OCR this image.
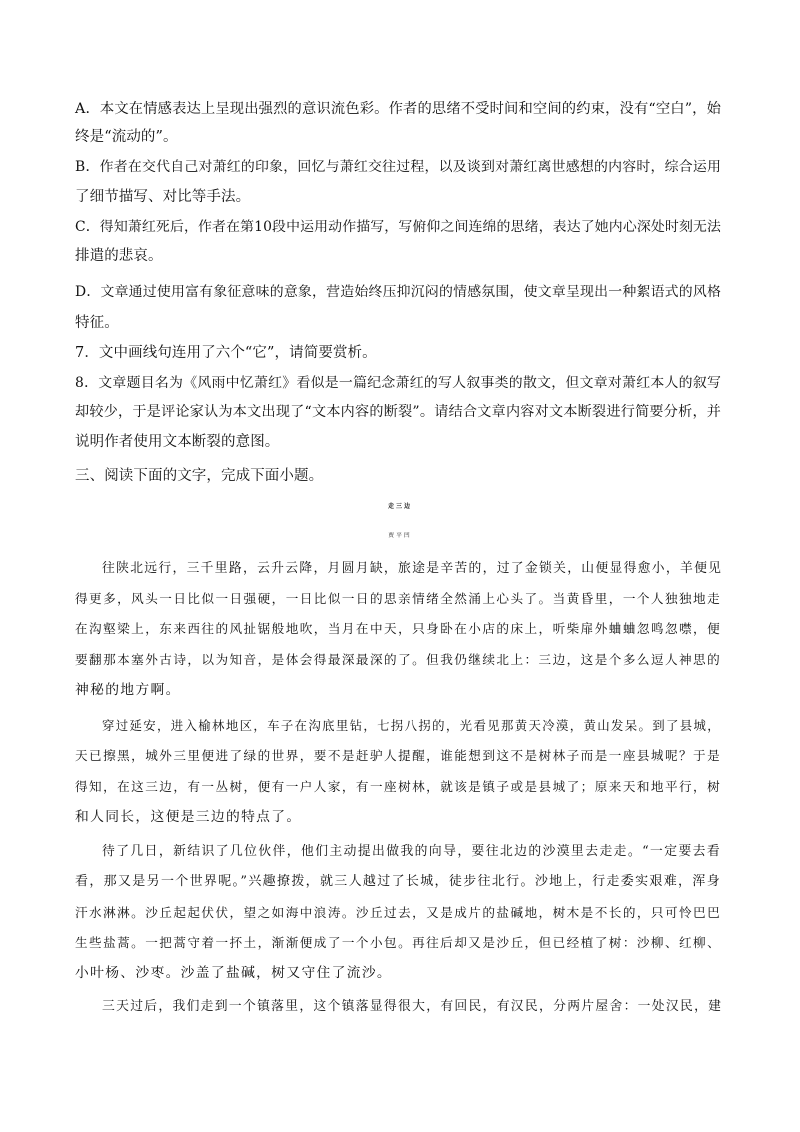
A．本文在情感表达上呈现出强烈的意识流色彩。作者的思绪不受时间和空间的约束，没有“空白”，始
终是“流动的”。
B．作者在交代自己对萧红的印象，回忆与萧红交往过程，以及谈到对萧红离世感想的内容时，综合运用
了细节描写、对比等手法。
C．得知萧红死后，作者在第10段中运用动作描写，写俯仰之间连绵的思绪，表达了她内心深处时刻无法
排遣的悲哀。
D．文章通过使用富有象征意味的意象，营造始终压抑沉闷的情感氛围，使文章呈现出一种絮语式的风格
特征。
7．文中画线句连用了六个“它”，请简要赏析。
8．文章题目名为《风雨中忆萧红》看似是一篇纪念萧红的写人叙事类的散文，但文章对萧红本人的叙写
却较少，于是评论家认为本文出现了“文本内容的断裂”。请结合文章内容对文本断裂进行简要分析，并
说明作者使用文本断裂的意图。
三、阅读下面的文字，完成下面小题。
走三边
贾平凹
往陕北远行，三千里路，云升云降，月圆月缺，旅途是辛苦的，过了金锁关，山便显得愈小，羊便见
得更多，风头一日比似一日强硬，一日比似一日的思亲情绪全然涌上心头了。当黄昏里，一个人独独地走
在沟壑梁上，东来西往的风扯锯般地吹，当月在中天，只身卧在小店的床上，听柴扉外蛐蛐忽鸣忽噤，便
要翻那本塞外古诗，以为知音，是体会得最深最深的了。但我仍继续北上：三边，这是个多么逗人神思的
神秘的地方啊。
穿过延安，进入榆林地区，车子在沟底里钻，七拐八拐的，光看见那黄天冷漠，黄山发呆。到了县城，
天已擦黑，城外三里便进了绿的世界，要不是赶驴人提醒，谁能想到这不是树林子而是一座县城呢？于是
得知，在这三边，有一丛树，便有一户人家，有一座树林，就该是镇子或是县城了；原来天和地平行，树
和人同长，这便是三边的特点了。
待了几日，新结识了几位伙伴，他们主动提出做我的向导，要往北边的沙漠里去走走。“一定要去看
看，那又是另一个世界呢。”兴趣撩拨，就三人越过了长城，徒步往北行。沙地上，行走委实艰难，浑身
汗水淋淋。沙丘起起伏伏，望之如海中浪涛。沙丘过去，又是成片的盐碱地，树木是不长的，只可怜巴巴
生些盐蒿。一把蒿守着一抔土，渐渐便成了一个小包。再往后却又是沙丘，但已经植了树：沙柳、红柳、
小叶杨、沙枣。沙盖了盐碱，树又守住了流沙。
三天过后，我们走到一个镇落里，这个镇落显得很大，有回民，有汉民，分两片屋舍：一处汉民，建
